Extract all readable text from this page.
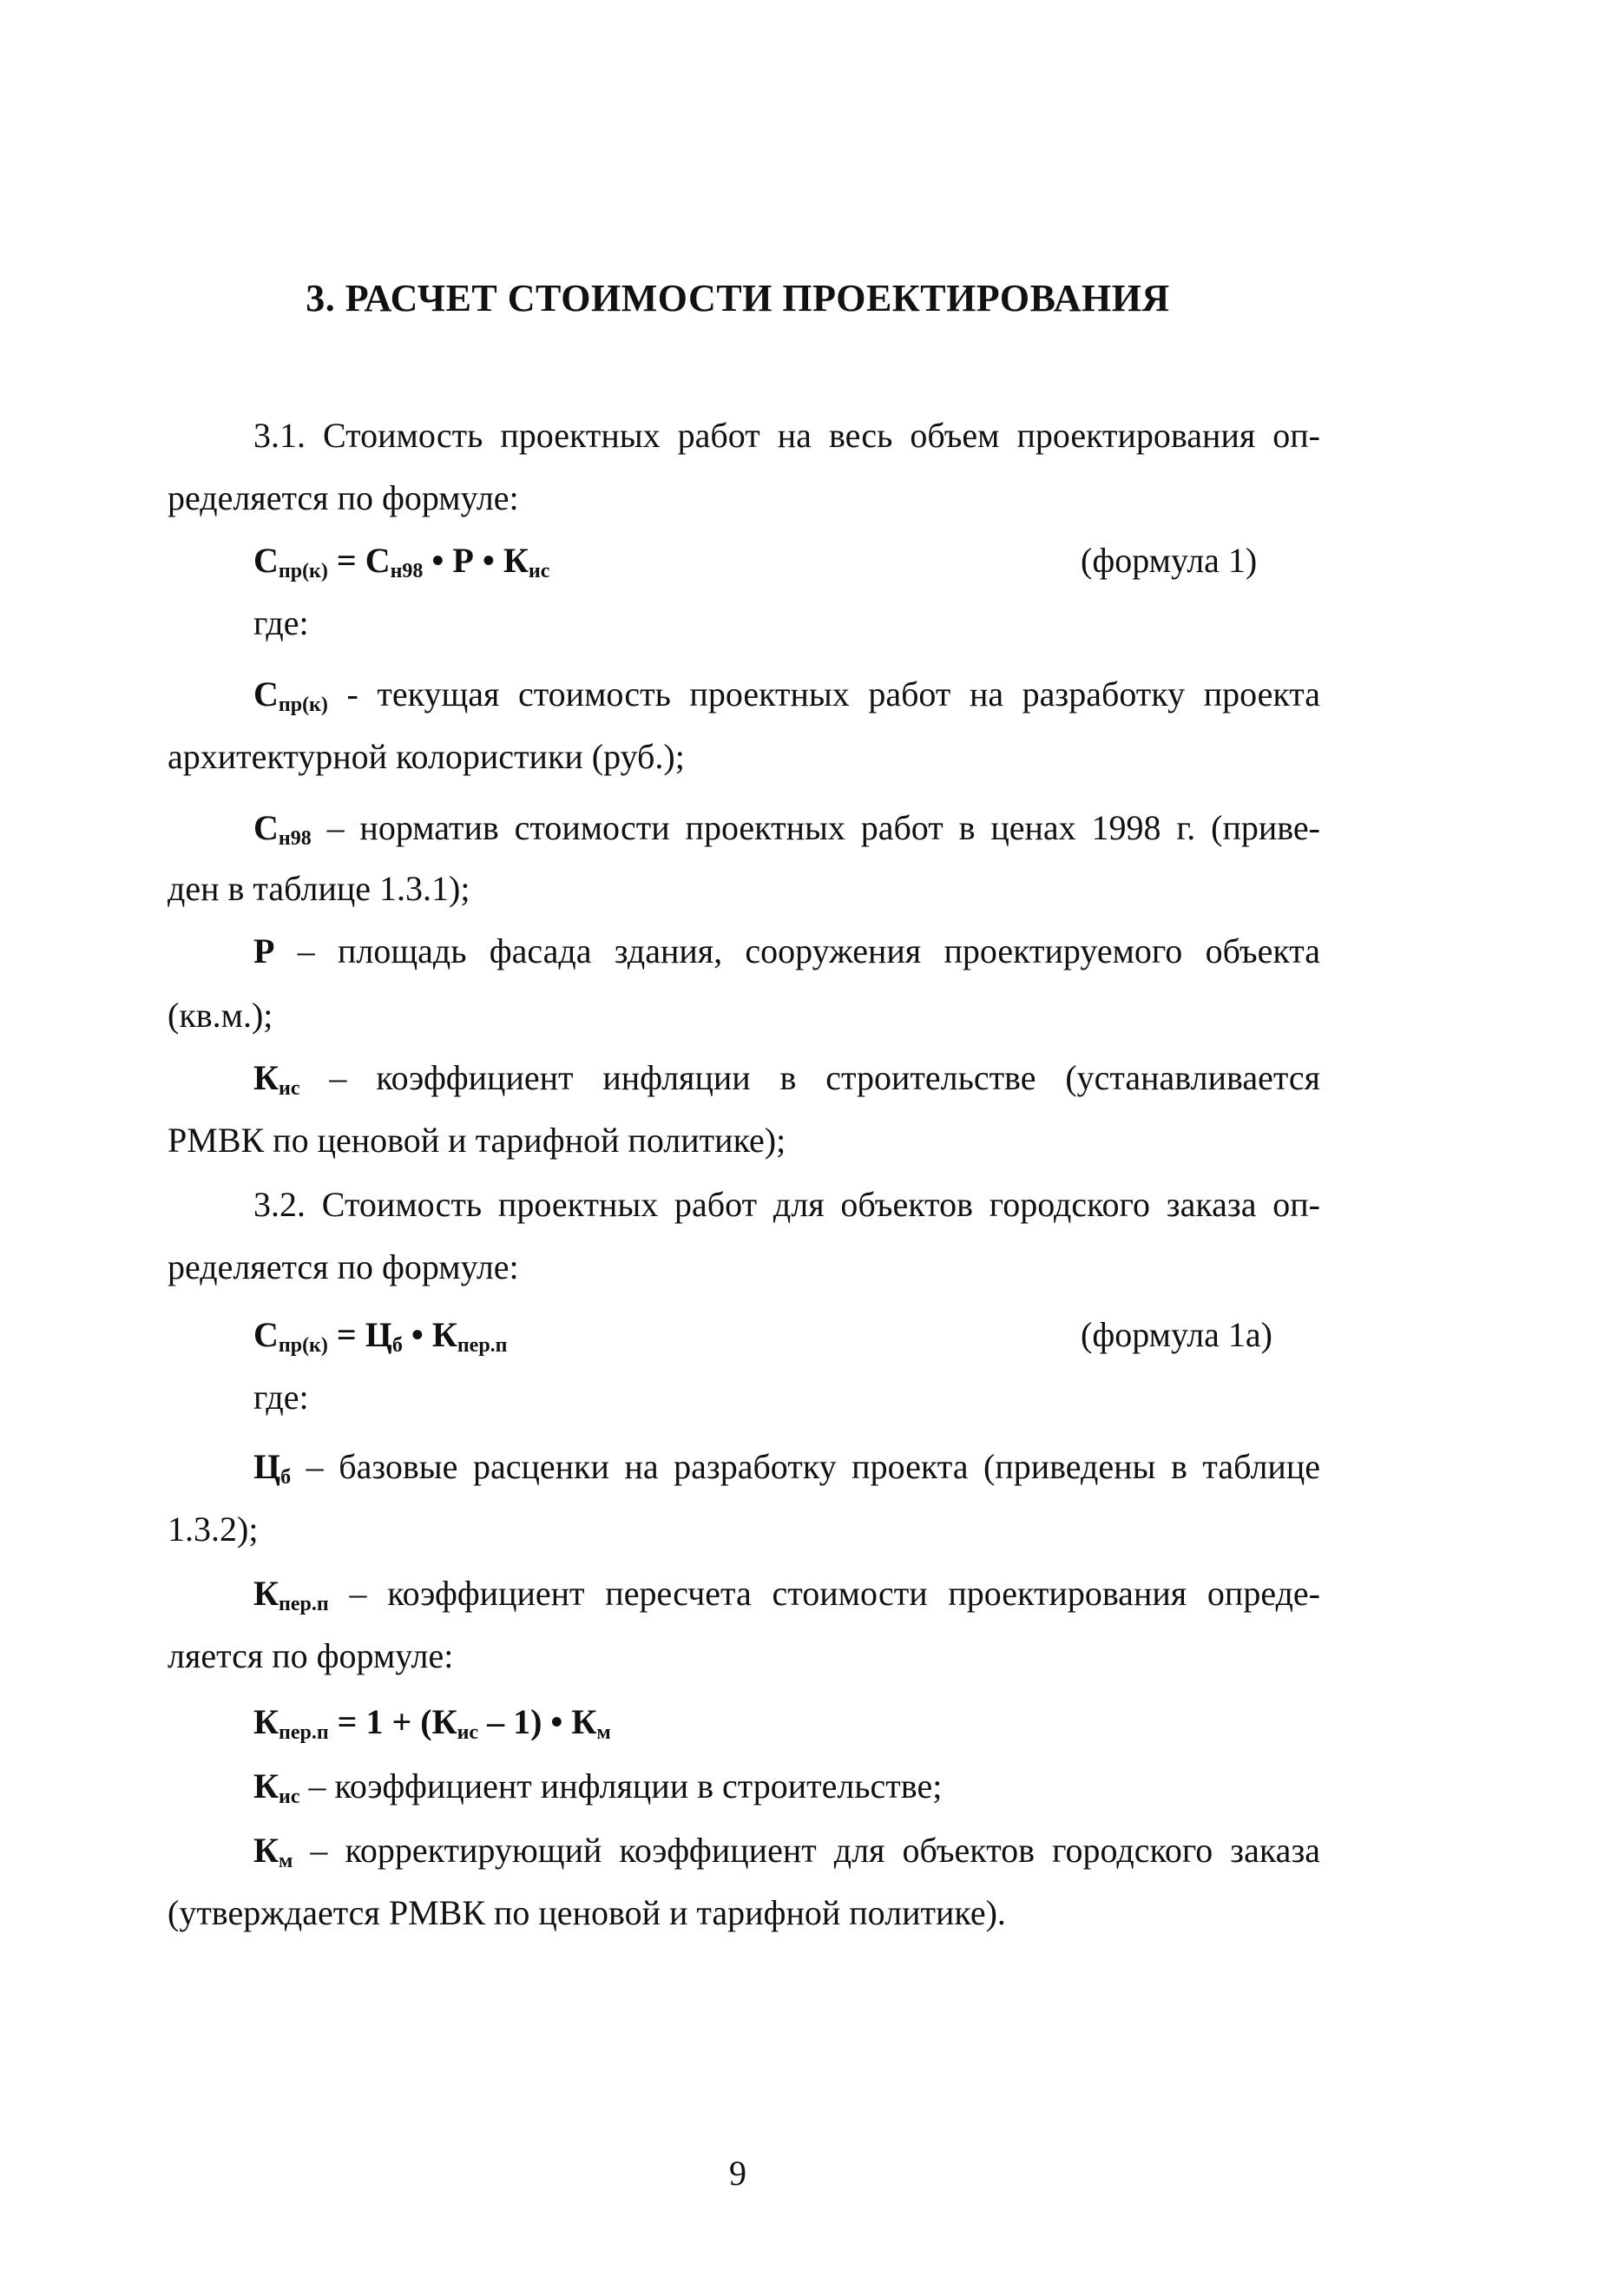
3. РАСЧЕТ СТОИМОСТИ ПРОЕКТИРОВАНИЯ
3.1. Стоимость проектных работ на весь объем проектирования оп-
ределяется по формуле:
$С_{пр(к)} = С_{н98}$ • Р • $К_{ис}$	(формула 1)
где:
$С_{пр(к)}$ - текущая стоимость проектных работ на разработку проекта
архитектурной колористики (руб.);
$С_{н98}$ – норматив стоимости проектных работ в ценах 1998 г. (приве-
ден в таблице 1.3.1);
Р – площадь фасада здания, сооружения проектируемого объекта
(кв.м.);
$К_{ис}$ – коэффициент инфляции в строительстве (устанавливается
РМВК по ценовой и тарифной политике);
3.2. Стоимость проектных работ для объектов городского заказа оп-
ределяется по формуле:
$С_{пр(к)} = Ц_б$ • $К_{пер.п}$	(формула 1а)
где:
$Ц_б$ – базовые расценки на разработку проекта (приведены в таблице
1.3.2);
$К_{пер.п}$ – коэффициент пересчета стоимости проектирования опреде-
ляется по формуле:
$К_{пер.п} = 1 + (К_{ис} - 1)$ • $К_м$
$К_{ис}$ – коэффициент инфляции в строительстве;
$К_м$ – корректирующий коэффициент для объектов городского заказа
(утверждается РМВК по ценовой и тарифной политике).
9
